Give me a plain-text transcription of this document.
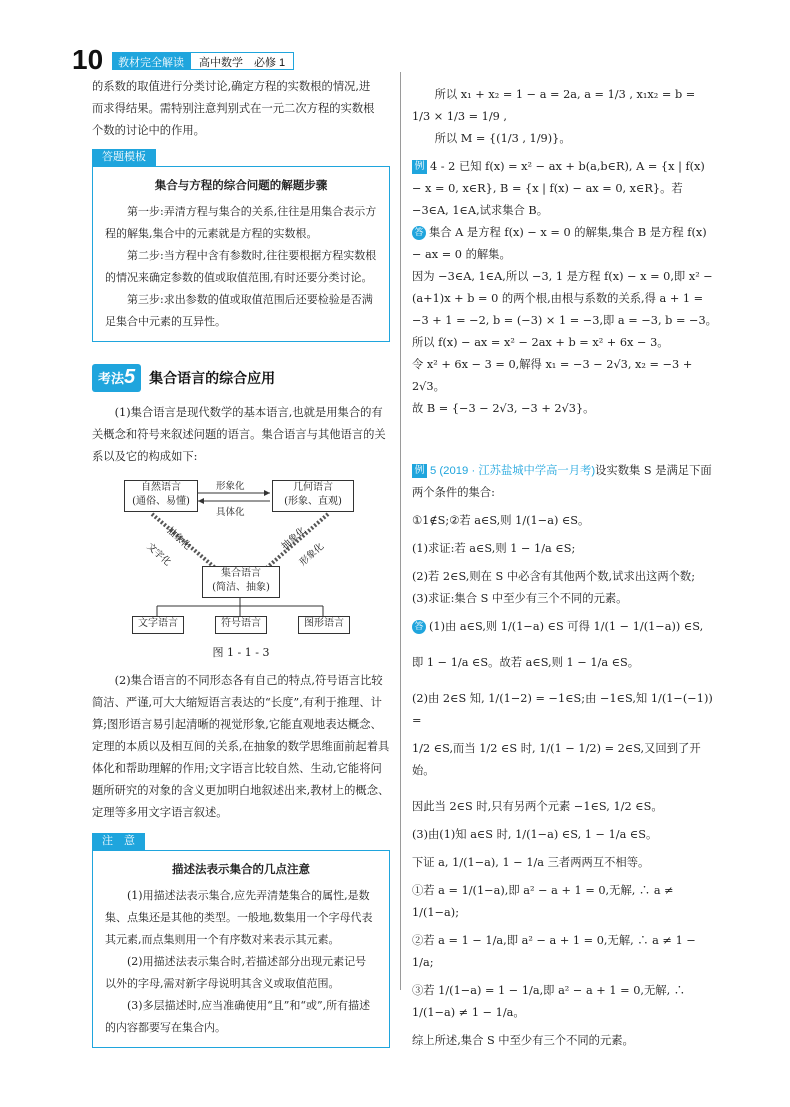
10	教材完全解读	高中数学　必修 1

的系数的取值进行分类讨论,确定方程的实数根的情况,进

而求得结果。需特别注意判别式在一元二次方程的实数根

个数的讨论中的作用。

答题模板
集合与方程的综合问题的解题步骤

第一步:弄清方程与集合的关系,往往是用集合表示方程的解集,集合中的元素就是方程的实数根。

第二步:当方程中含有参数时,往往要根据方程实数根的情况来确定参数的值或取值范围,有时还要分类讨论。

第三步:求出参数的值或取值范围后还要检验是否满足集合中元素的互异性。

考法5	集合语言的综合应用

(1)集合语言是现代数学的基本语言,也就是用集合的有关概念和符号来叙述问题的语言。集合语言与其他语言的关系以及它的构成如下:

自然语言
(通俗、易懂)
几何语言
(形象、直观)
形象化
具体化
抽象化
文字化
抽象化
形象化
集合语言
(简洁、抽象)
文字语言	符号语言	图形语言
图 1 - 1 - 3

(2)集合语言的不同形态各有自己的特点,符号语言比较简洁、严谨,可大大缩短语言表达的“长度”,有利于推理、计算;图形语言易引起清晰的视觉形象,它能直观地表达概念、定理的本质以及相互间的关系,在抽象的数学思维面前起着具体化和帮助理解的作用;文字语言比较自然、生动,它能将问题所研究的对象的含义更加明白地叙述出来,教材上的概念、定理等多用文字语言叙述。

注　意
描述法表示集合的几点注意

(1)用描述法表示集合,应先弄清楚集合的属性,是数集、点集还是其他的类型。一般地,数集用一个字母代表其元素,而点集则用一个有序数对来表示其元素。

(2)用描述法表示集合时,若描述部分出现元素记号以外的字母,需对新字母说明其含义或取值范围。

(3)多层描述时,应当准确使用“且”和“或”,所有描述的内容都要写在集合内。

所以 x₁ + x₂ = 1 − a = 2a, a = 1/3 , x₁x₂ = b = 1/3 × 1/3 = 1/9 ,

所以 M = {(1/3 , 1/9)}。

例 4 - 2 已知 f(x) = x² − ax + b(a,b∈R), A = {x | f(x) − x = 0, x∈R}, B = {x | f(x) − ax = 0, x∈R}。若 −3∈A, 1∈A,试求集合 B。

答 集合 A 是方程 f(x) − x = 0 的解集,集合 B 是方程 f(x) − ax = 0 的解集。

因为 −3∈A, 1∈A,所以 −3, 1 是方程 f(x) − x = 0,即 x² − (a+1)x + b = 0 的两个根,由根与系数的关系,得 a + 1 = −3 + 1 = −2, b = (−3) × 1 = −3,即 a = −3, b = −3。

所以 f(x) − ax = x² − 2ax + b = x² + 6x − 3。

令 x² + 6x − 3 = 0,解得 x₁ = −3 − 2√3, x₂ = −3 + 2√3。

故 B = {−3 − 2√3, −3 + 2√3}。

例 5 (2019 · 江苏盐城中学高一月考)设实数集 S 是满足下面两个条件的集合:

①1∉S;②若 a∈S,则 1/(1−a) ∈S。

(1)求证:若 a∈S,则 1 − 1/a ∈S;

(2)若 2∈S,则在 S 中必含有其他两个数,试求出这两个数;

(3)求证:集合 S 中至少有三个不同的元素。

答 (1)由 a∈S,则 1/(1−a) ∈S 可得 1/(1 − 1/(1−a)) ∈S,

即 1 − 1/a ∈S。故若 a∈S,则 1 − 1/a ∈S。

(2)由 2∈S 知, 1/(1−2) = −1∈S;由 −1∈S,知 1/(1−(−1)) =

1/2 ∈S,而当 1/2 ∈S 时, 1/(1 − 1/2) = 2∈S,又回到了开始。

因此当 2∈S 时,只有另两个元素 −1∈S, 1/2 ∈S。

(3)由(1)知 a∈S 时, 1/(1−a) ∈S, 1 − 1/a ∈S。

下证 a, 1/(1−a), 1 − 1/a 三者两两互不相等。

①若 a = 1/(1−a),即 a² − a + 1 = 0,无解, ∴ a ≠ 1/(1−a);

②若 a = 1 − 1/a,即 a² − a + 1 = 0,无解, ∴ a ≠ 1 − 1/a;

③若 1/(1−a) = 1 − 1/a,即 a² − a + 1 = 0,无解, ∴ 1/(1−a) ≠ 1 − 1/a。

综上所述,集合 S 中至少有三个不同的元素。
